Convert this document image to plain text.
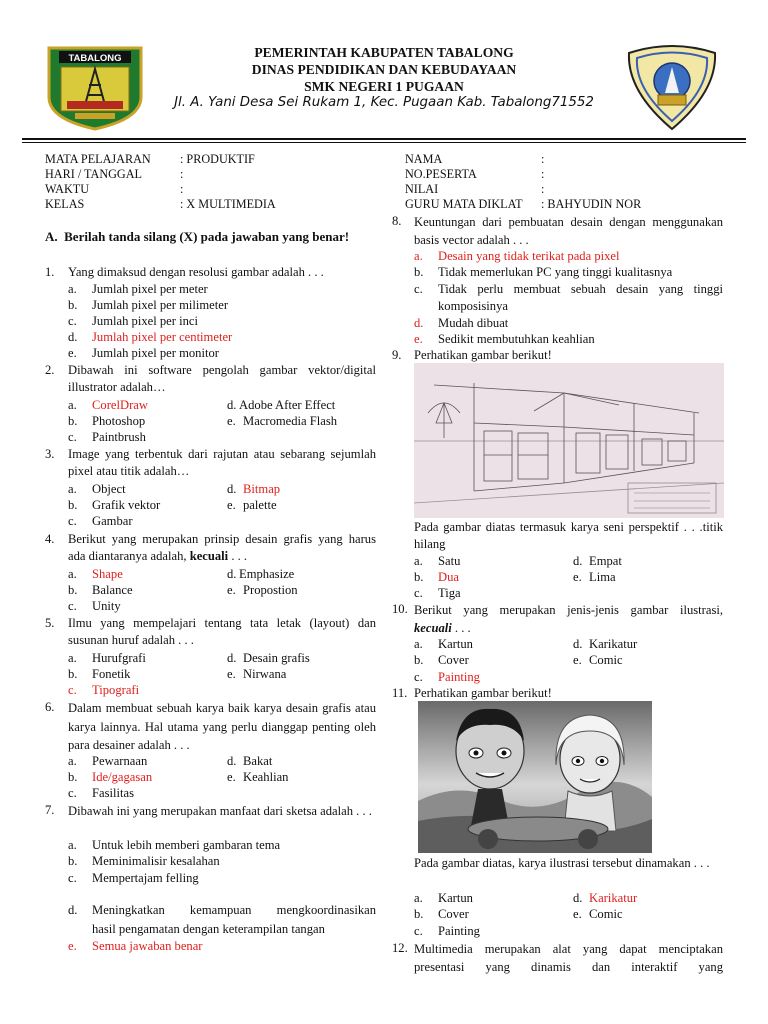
TABALONG	PEMERINTAH KABUPATEN TABALONG
DINAS PENDIDIKAN DAN KEBUDAYAAN
SMK NEGERI 1 PUGAAN
Jl. A. Yani Desa Sei Rukam 1, Kec. Pugaan Kab. Tabalong71552
MATA PELAJARAN : PRODUKTIF
HARI / TANGGAL	:
WAKTU	:
KELAS	: X MULTIMEDIA
NAMA	:
NO.PESERTA	:
NILAI	:
GURU MATA DIKLAT : BAHYUDIN NOR
A. Berilah tanda silang (X) pada jawaban yang benar!
1. Yang dimaksud dengan resolusi gambar adalah . . .
a. Jumlah pixel per meter
b. Jumlah pixel per milimeter
c. Jumlah pixel per inci
d. Jumlah pixel per centimeter
e. Jumlah pixel per monitor
2. Dibawah ini software pengolah gambar vektor/digital illustrator adalah…
a. CorelDraw
b. Photoshop
c. Paintbrush
d. Adobe After Effect
e. Macromedia Flash
3. Image yang terbentuk dari rajutan atau sebarang sejumlah pixel atau titik adalah…
a. Object
b. Grafik vektor
c. Gambar
d. Bitmap
e. palette
4. Berikut yang merupakan prinsip desain grafis yang harus ada diantaranya adalah, kecuali . . .
a. Shape
b. Balance
c. Unity
d. Emphasize
e. Propostion
5. Ilmu yang mempelajari tentang tata letak (layout) dan susunan huruf adalah . . .
a. Hurufgrafi
b. Fonetik
c. Tipografi
d. Desain grafis
e. Nirwana
6. Dalam membuat sebuah karya baik karya desain grafis atau karya lainnya. Hal utama yang perlu dianggap penting oleh para desainer adalah . . .
a. Pewarnaan
b. Ide/gagasan
c. Fasilitas
d. Bakat
e. Keahlian
7. Dibawah ini yang merupakan manfaat dari sketsa adalah . . .
a. Untuk lebih memberi gambaran tema
b. Meminimalisir kesalahan
c. Mempertajam felling
d.	Meningkatkan kemampuan mengkoordinasikan
hasil pengamatan dengan keterampilan tangan
e. Semua jawaban benar
8. Keuntungan dari pembuatan desain dengan menggunakan basis vector adalah . . .
a. Desain yang tidak terikat pada pixel
b. Tidak memerlukan PC yang tinggi kualitasnya
c.	Tidak perlu membuat sebuah desain yang tinggi komposisinya
d. Mudah dibuat
e. Sedikit membutuhkan keahlian
9. Perhatikan gambar berikut!
Pada gambar diatas termasuk karya seni perspektif . . .titik hilang
a. Satu
b. Dua
c. Tiga
d. Empat
e. Lima
10. Berikut yang merupakan jenis-jenis gambar ilustrasi,
kecuali . . .
a. Kartun
b. Cover
c. Painting
d. Karikatur
e. Comic
11. Perhatikan gambar berikut!
Pada gambar diatas, karya ilustrasi tersebut dinamakan . . .
a. Kartun
b. Cover
c. Painting
d. Karikatur
e. Comic
12. Multimedia merupakan alat yang dapat menciptakan presentasi yang dinamis dan interaktif yang
